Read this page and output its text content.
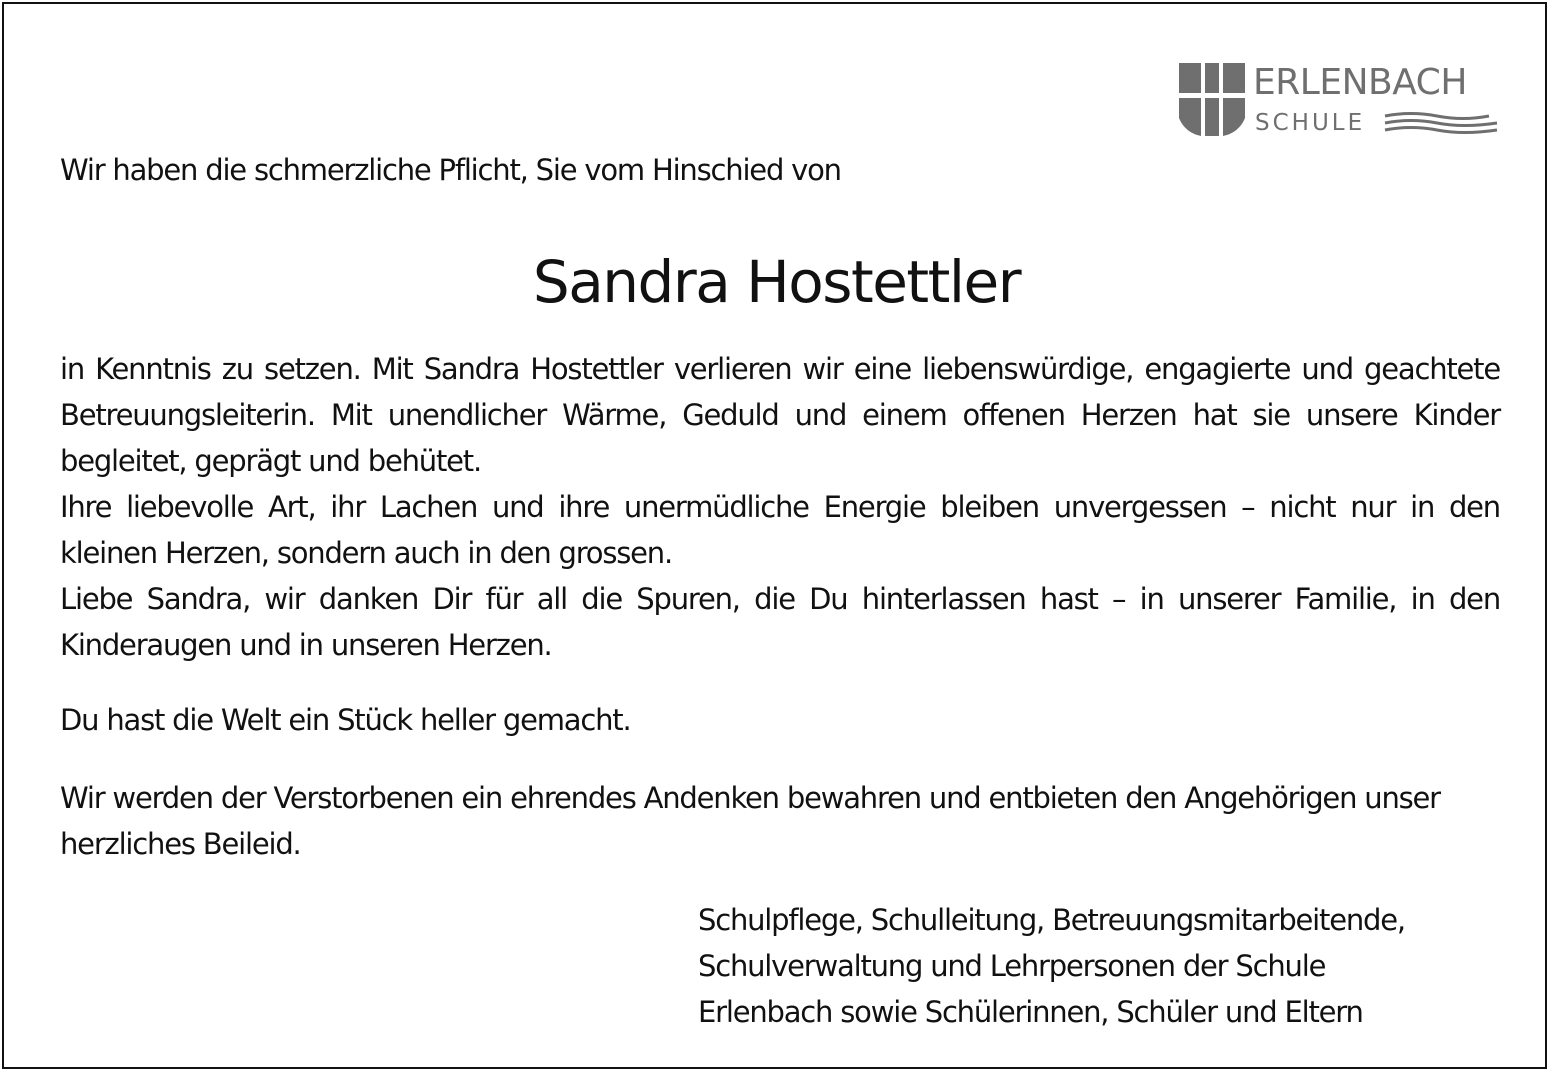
ERLENBACH
SCHULE

Wir haben die schmerzliche Pflicht, Sie vom Hinschied von

Sandra Hostettler

in Kenntnis zu setzen. Mit Sandra Hostettler verlieren wir eine liebenswürdige, engagierte und geachtete Betreuungsleiterin. Mit unendlicher Wärme, Geduld und einem offenen Herzen hat sie unsere Kinder begleitet, geprägt und behütet.

Ihre liebevolle Art, ihr Lachen und ihre unermüdliche Energie bleiben unvergessen – nicht nur in den kleinen Herzen, sondern auch in den grossen.

Liebe Sandra, wir danken Dir für all die Spuren, die Du hinterlassen hast – in unserer Familie, in den Kinderaugen und in unseren Herzen.

Du hast die Welt ein Stück heller gemacht.

Wir werden der Verstorbenen ein ehrendes Andenken bewahren und entbieten den Angehörigen unser herzliches Beileid.

Schulpflege, Schulleitung, Betreuungsmitarbeitende,
Schulverwaltung und Lehrpersonen der Schule
Erlenbach sowie Schülerinnen, Schüler und Eltern
